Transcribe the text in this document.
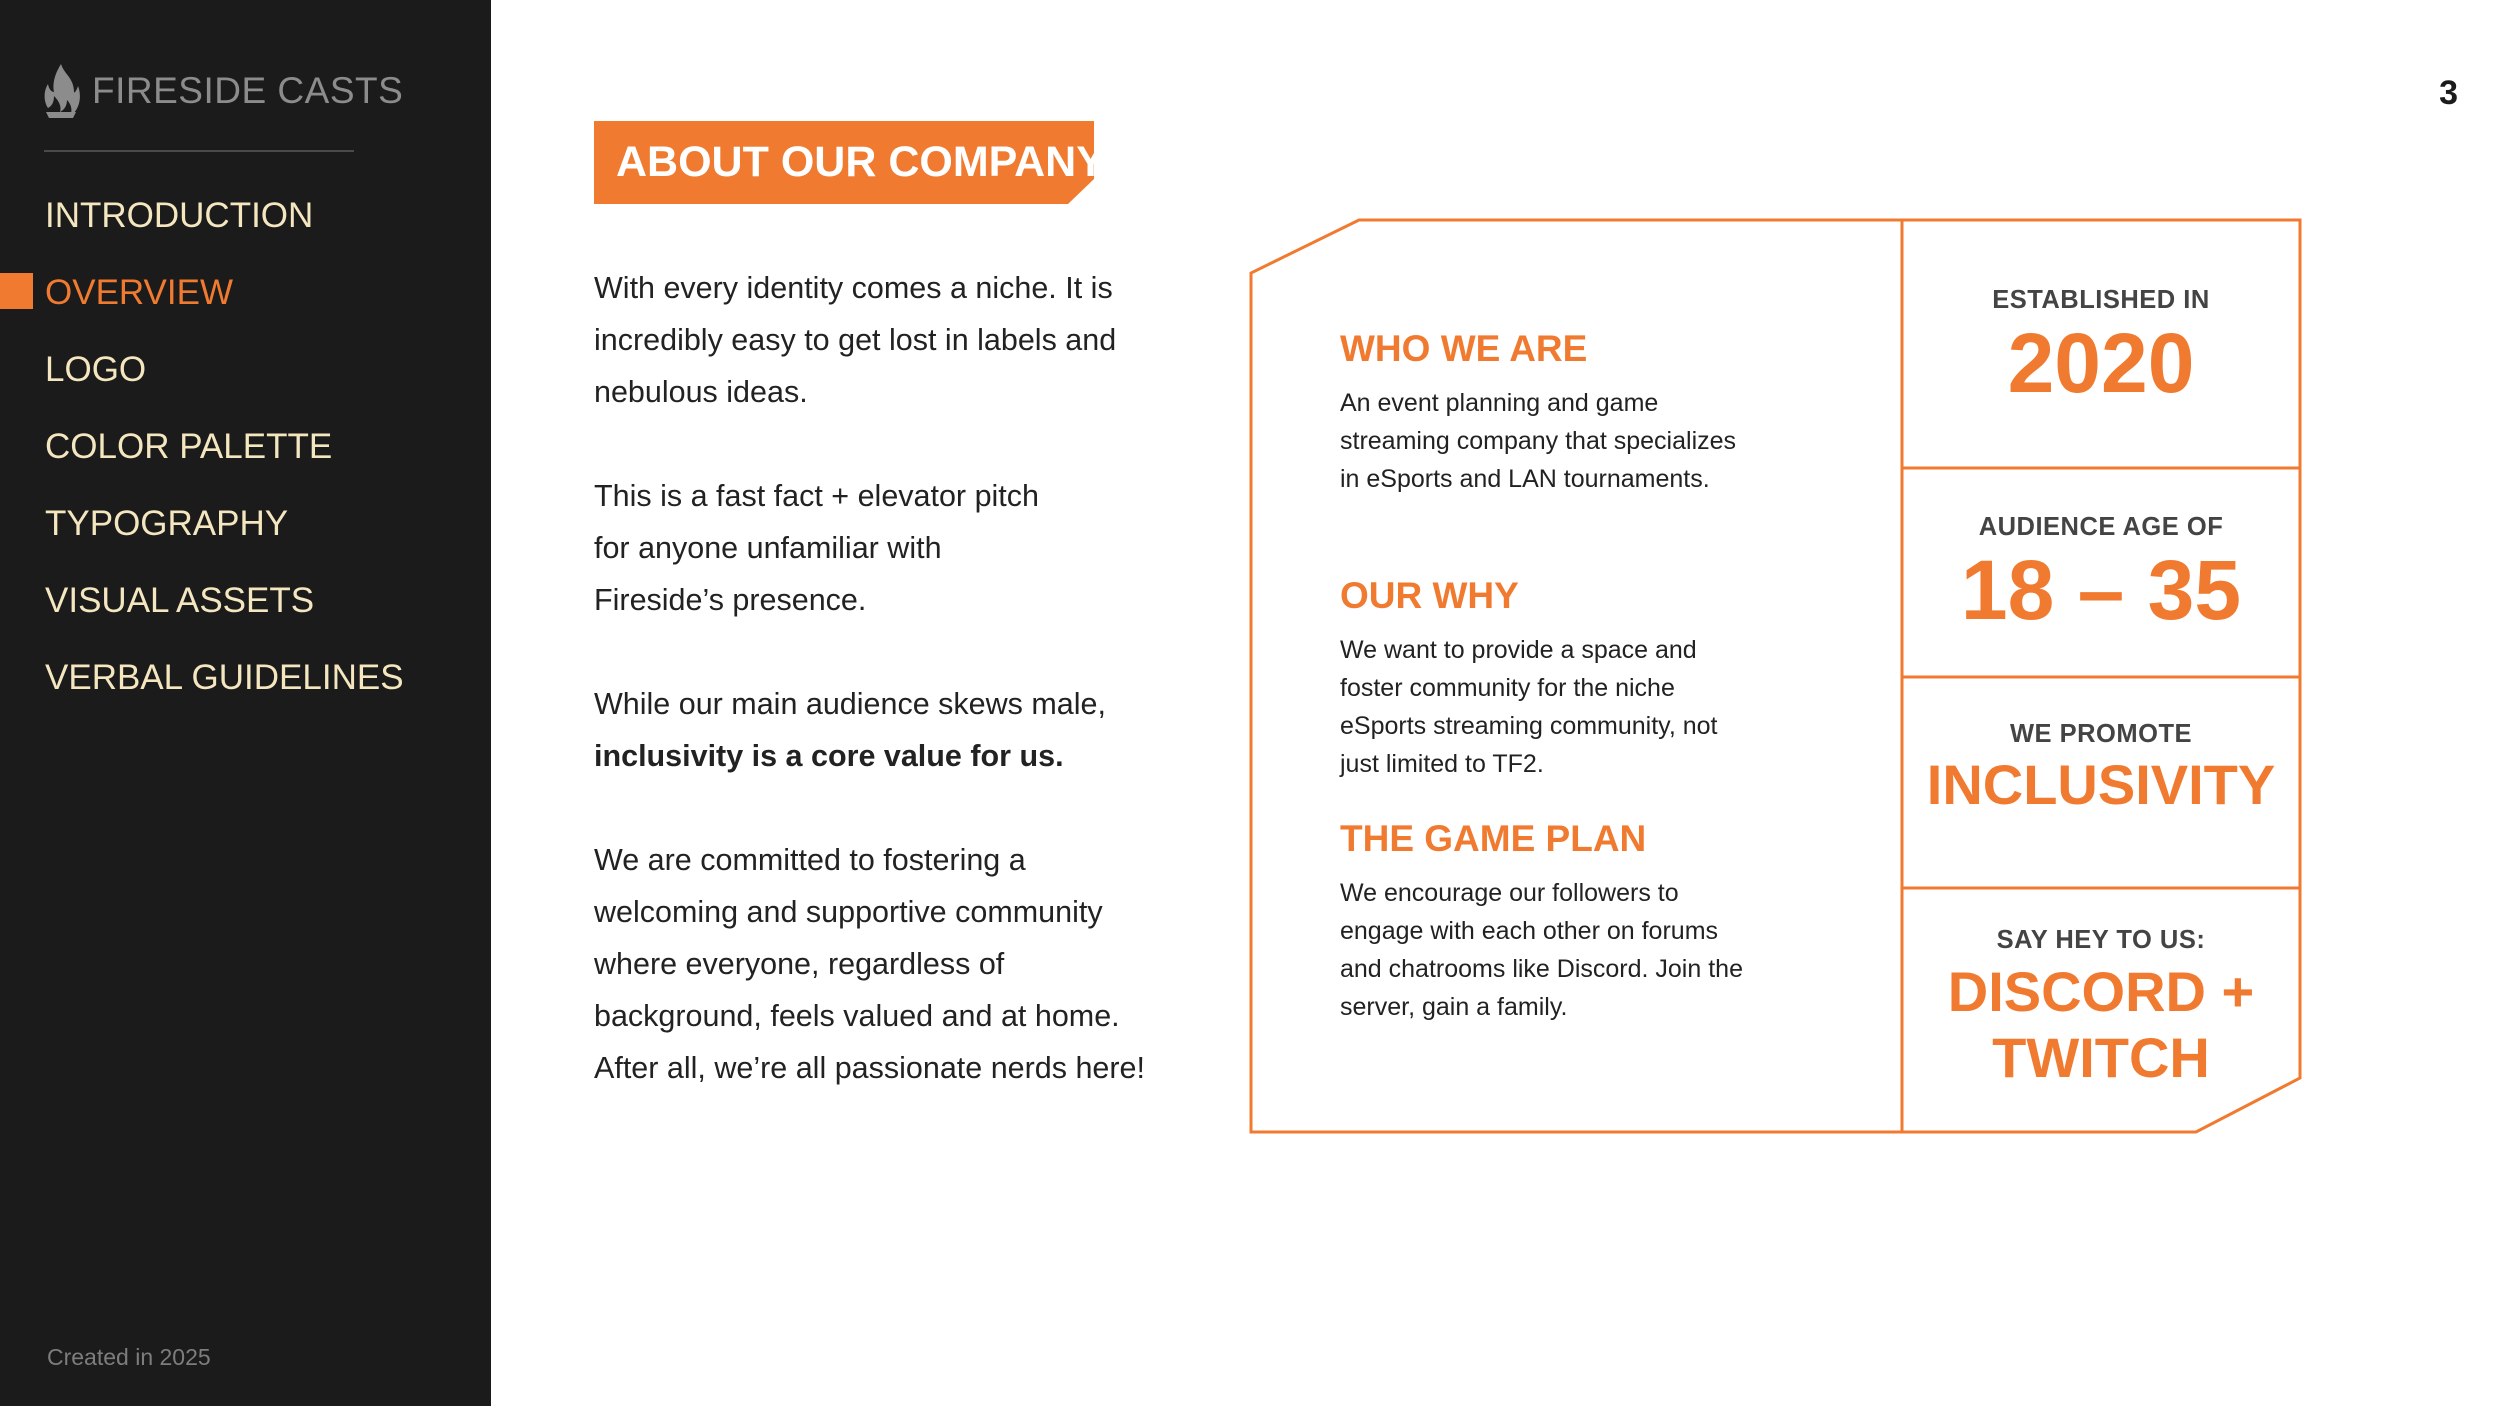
FIRESIDE CASTS
INTRODUCTION
OVERVIEW
LOGO
COLOR PALETTE
TYPOGRAPHY
VISUAL ASSETS
VERBAL GUIDELINES
Created in 2025
3
ABOUT OUR COMPANY

With every identity comes a niche. It is incredibly easy to get lost in labels and nebulous ideas.

This is a fast fact + elevator pitch
for anyone unfamiliar with
Fireside’s presence.

While our main audience skews male,
inclusivity is a core value for us.

We are committed to fostering a welcoming and supportive community where everyone, regardless of background, feels valued and at home. After all, we’re all passionate nerds here!

WHO WE ARE

An event planning and game streaming company that specializes in eSports and LAN tournaments.

OUR WHY

We want to provide a space and foster community for the niche eSports streaming community, not just limited to TF2.

THE GAME PLAN

We encourage our followers to engage with each other on forums and chatrooms like Discord. Join the server, gain a family.

ESTABLISHED IN
2020
AUDIENCE AGE OF
18 – 35
WE PROMOTE
INCLUSIVITY
SAY HEY TO US:
DISCORD +
TWITCH
